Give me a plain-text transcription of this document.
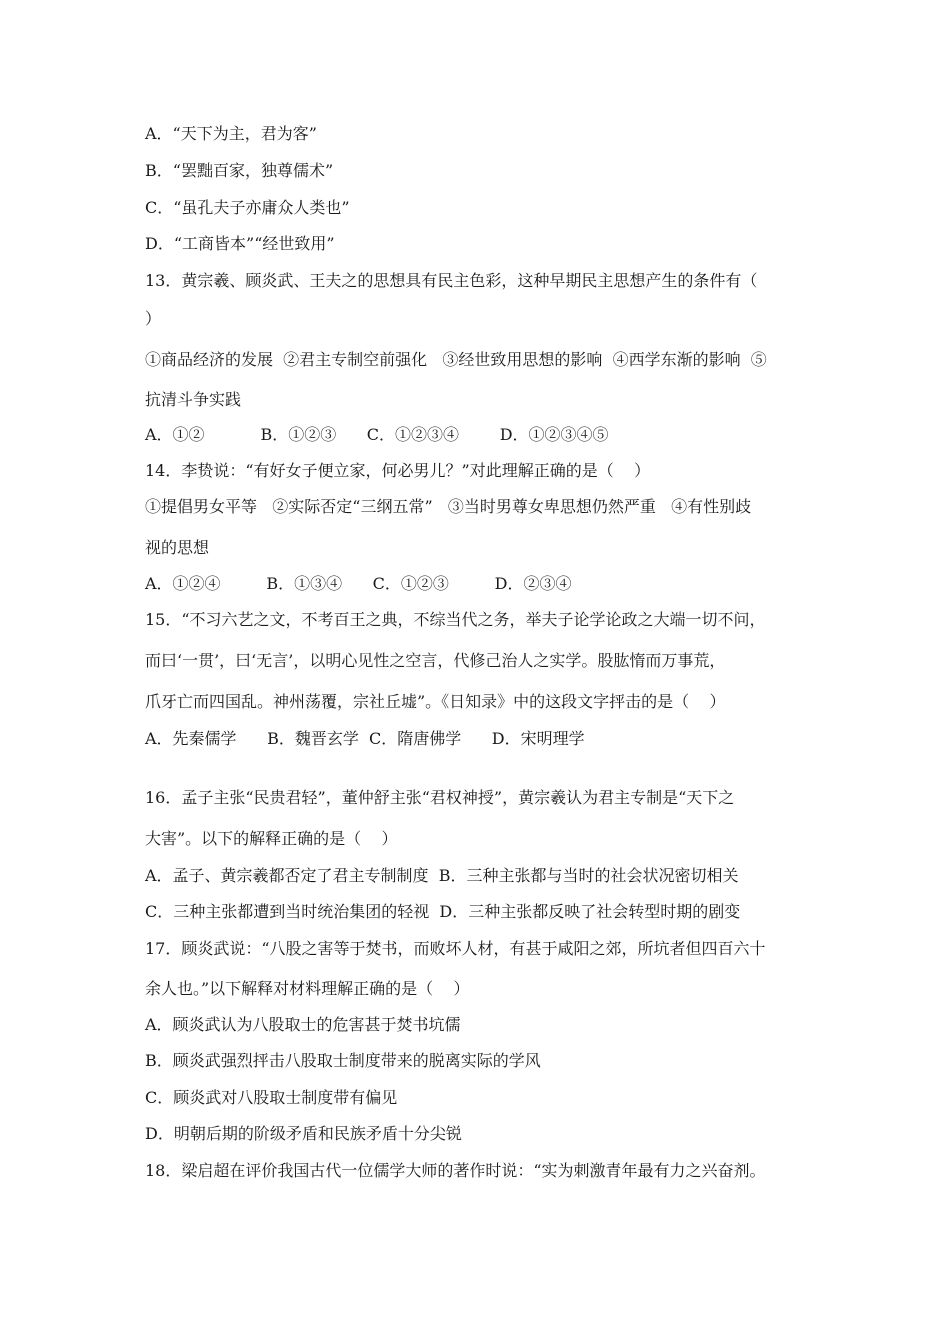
A．“天下为主，君为客”
B．“罢黜百家，独尊儒术”
C．“虽孔夫子亦庸众人类也”
D．“工商皆本”“经世致用”
13．黄宗羲、顾炎武、王夫之的思想具有民主色彩，这种早期民主思想产生的条件有（
）
①商品经济的发展  ②君主专制空前强化   ③经世致用思想的影响  ④西学东渐的影响  ⑤
抗清斗争实践
A．①②           B．①②③      C．①②③④        D．①②③④⑤
14．李贽说：“有好女子便立家，何必男儿？”对此理解正确的是（    ）
①提倡男女平等   ②实际否定“三纲五常”   ③当时男尊女卑思想仍然严重   ④有性别歧
视的思想
A．①②④         B．①③④      C．①②③         D．②③④
15．“不习六艺之文，不考百王之典，不综当代之务，举夫子论学论政之大端一切不问，
而曰‘一贯’，曰‘无言’，以明心见性之空言，代修己治人之实学。股肱惰而万事荒，
爪牙亡而四国乱。神州荡覆，宗社丘墟”。《日知录》中的这段文字抨击的是（    ）
A．先秦儒学      B．魏晋玄学  C．隋唐佛学      D．宋明理学
16．孟子主张“民贵君轻”，董仲舒主张“君权神授”，黄宗羲认为君主专制是“天下之
大害”。以下的解释正确的是（    ）
A．孟子、黄宗羲都否定了君主专制制度  B．三种主张都与当时的社会状况密切相关
C．三种主张都遭到当时统治集团的轻视  D．三种主张都反映了社会转型时期的剧变
17．顾炎武说：“八股之害等于焚书，而败坏人材，有甚于咸阳之郊，所坑者但四百六十
余人也。”以下解释对材料理解正确的是（    ）
A．顾炎武认为八股取士的危害甚于焚书坑儒
B．顾炎武强烈抨击八股取士制度带来的脱离实际的学风
C．顾炎武对八股取士制度带有偏见
D．明朝后期的阶级矛盾和民族矛盾十分尖锐
18．梁启超在评价我国古代一位儒学大师的著作时说：“实为刺激青年最有力之兴奋剂。
